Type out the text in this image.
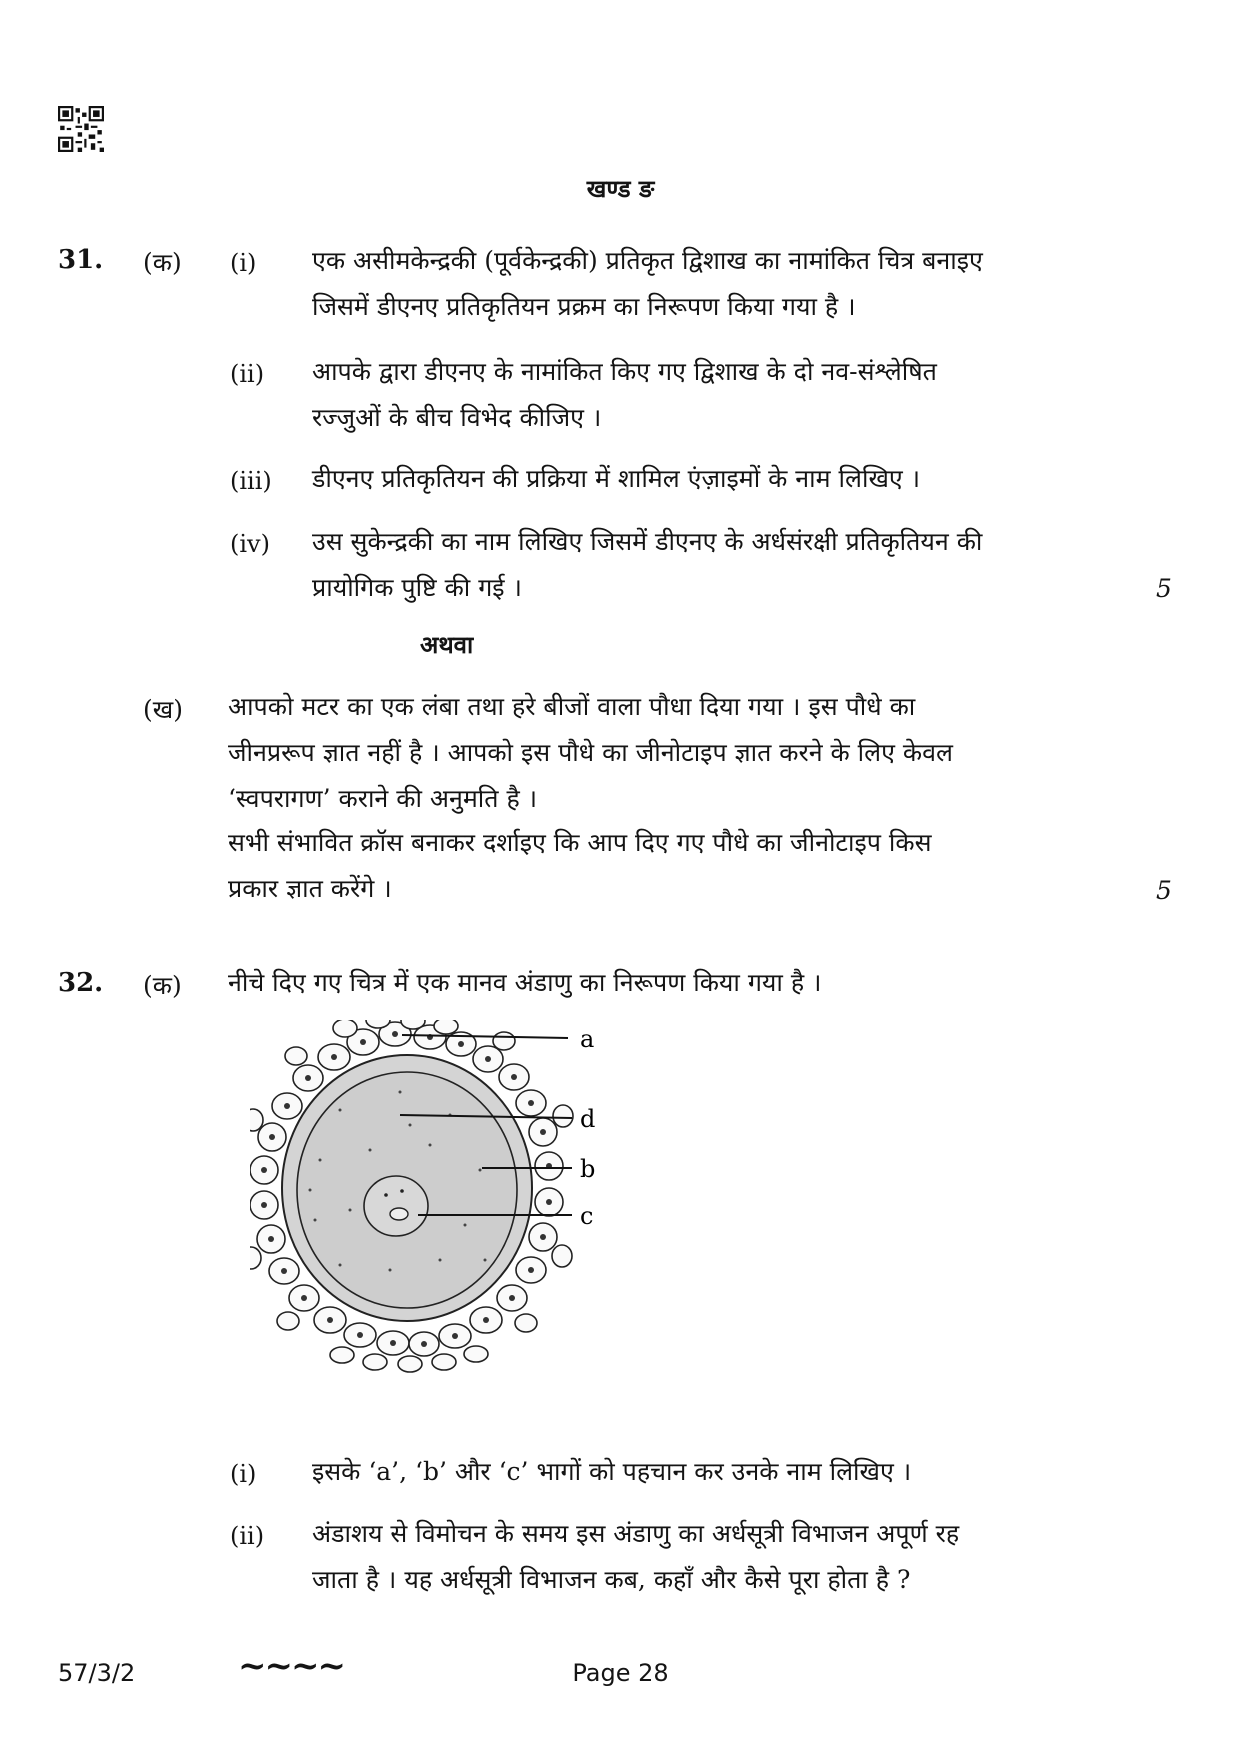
खण्ड ङ
31. (क) (i) एक असीमकेन्द्रकी (पूर्वकेन्द्रकी) प्रतिकृत द्विशाख का नामांकित चित्र बनाइए
जिसमें डीएनए प्रतिकृतियन प्रक्रम का निरूपण किया गया है ।
(ii) आपके द्वारा डीएनए के नामांकित किए गए द्विशाख के दो नव-संश्लेषित
रज्जुओं के बीच विभेद कीजिए ।
(iii) डीएनए प्रतिकृतियन की प्रक्रिया में शामिल एंज़ाइमों के नाम लिखिए ।
(iv) उस सुकेन्द्रकी का नाम लिखिए जिसमें डीएनए के अर्धसंरक्षी प्रतिकृतियन की
प्रायोगिक पुष्टि की गई ।	5
अथवा
(ख) आपको मटर का एक लंबा तथा हरे बीजों वाला पौधा दिया गया । इस पौधे का
जीनप्ररूप ज्ञात नहीं है । आपको इस पौधे का जीनोटाइप ज्ञात करने के लिए केवल
‘स्वपरागण’ कराने की अनुमति है ।
सभी संभावित क्रॉस बनाकर दर्शाइए कि आप दिए गए पौधे का जीनोटाइप किस
प्रकार ज्ञात करेंगे ।	5
32. (क) नीचे दिए गए चित्र में एक मानव अंडाणु का निरूपण किया गया है ।
a
d
b
c
(i) इसके ‘a’, ‘b’ और ‘c’ भागों को पहचान कर उनके नाम लिखिए ।
(ii) अंडाशय से विमोचन के समय इस अंडाणु का अर्धसूत्री विभाजन अपूर्ण रह
जाता है । यह अर्धसूत्री विभाजन कब, कहाँ और कैसे पूरा होता है ?
57/3/2	~~~~	Page 28
